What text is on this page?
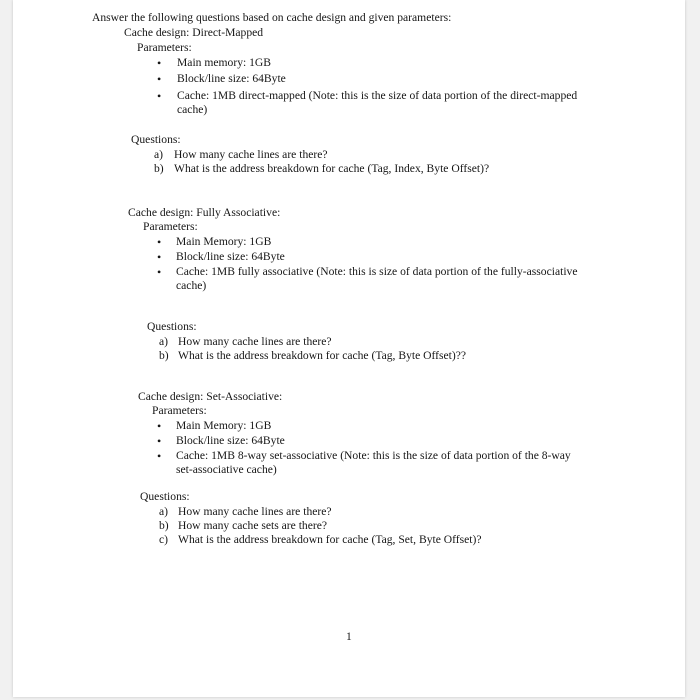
Answer the following questions based on cache design and given parameters:
Cache design: Direct-Mapped
Parameters:
• Main memory: 1GB
• Block/line size: 64Byte
• Cache: 1MB direct-mapped (Note: this is the size of data portion of the direct-mapped
cache)
Questions:
a) How many cache lines are there?
b) What is the address breakdown for cache (Tag, Index, Byte Offset)?
Cache design: Fully Associative:
Parameters:
• Main Memory: 1GB
• Block/line size: 64Byte
• Cache: 1MB fully associative (Note: this is size of data portion of the fully-associative
cache)
Questions:
a) How many cache lines are there?
b) What is the address breakdown for cache (Tag, Byte Offset)??
Cache design: Set-Associative:
Parameters:
• Main Memory: 1GB
• Block/line size: 64Byte
• Cache: 1MB 8-way set-associative (Note: this is the size of data portion of the 8-way
set-associative cache)
Questions:
a) How many cache lines are there?
b) How many cache sets are there?
c) What is the address breakdown for cache (Tag, Set, Byte Offset)?
1
